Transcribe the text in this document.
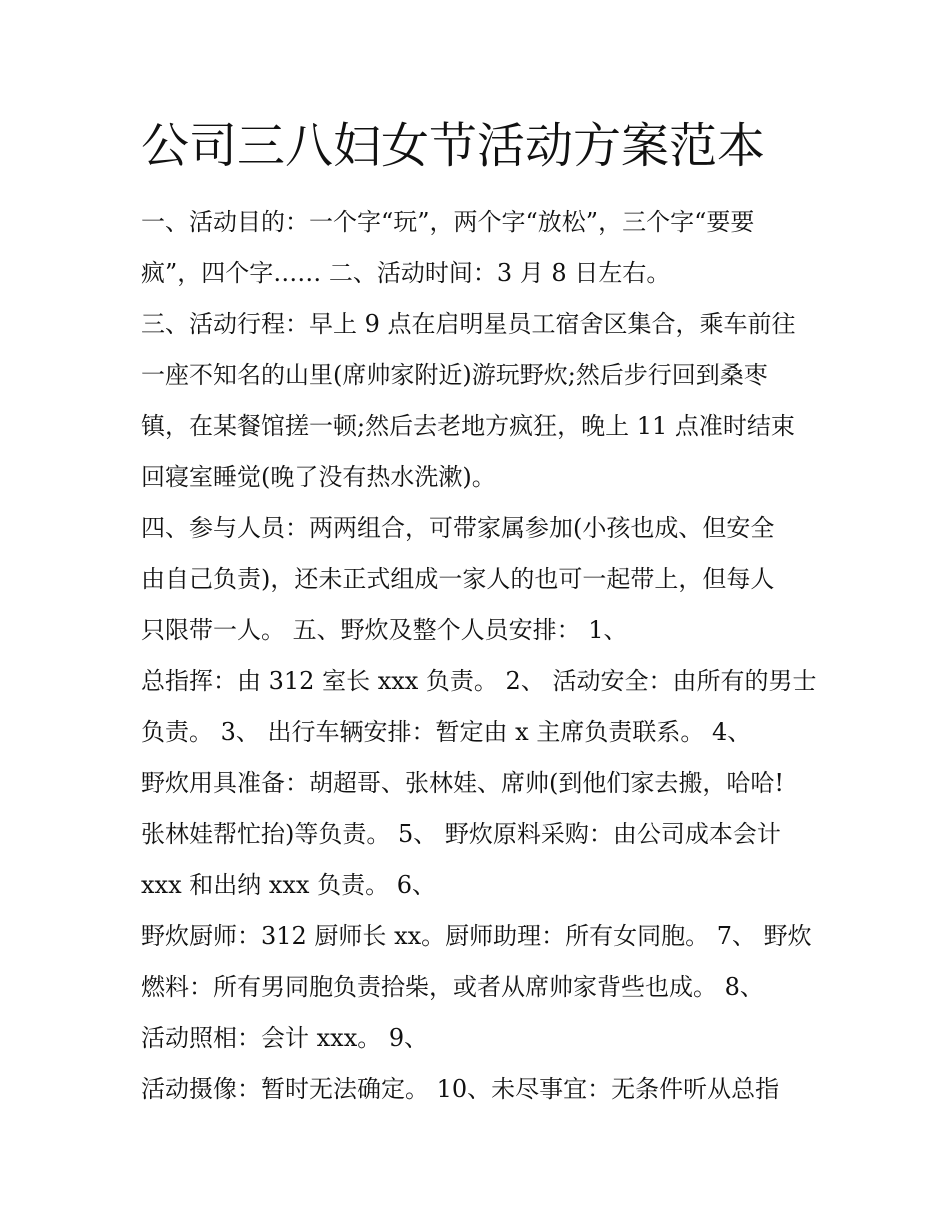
公司三八妇女节活动方案范本

一、活动目的：一个字“玩”，两个字“放松”，三个字“要要

疯”，四个字…… 二、活动时间：3 月 8 日左右。

三、活动行程：早上 9 点在启明星员工宿舍区集合，乘车前往

一座不知名的山里(席帅家附近)游玩野炊;然后步行回到桑枣

镇，在某餐馆搓一顿;然后去老地方疯狂，晚上 11 点准时结束

回寝室睡觉(晚了没有热水洗漱)。

四、参与人员：两两组合，可带家属参加(小孩也成、但安全

由自己负责)，还未正式组成一家人的也可一起带上，但每人

只限带一人。 五、野炊及整个人员安排： 1、

总指挥：由 312 室长 xxx 负责。 2、 活动安全：由所有的男士

负责。 3、 出行车辆安排：暂定由 x 主席负责联系。 4、

野炊用具准备：胡超哥、张林娃、席帅(到他们家去搬，哈哈!

张林娃帮忙抬)等负责。 5、 野炊原料采购：由公司成本会计

xxx 和出纳 xxx 负责。 6、

野炊厨师：312 厨师长 xx。厨师助理：所有女同胞。 7、 野炊

燃料：所有男同胞负责拾柴，或者从席帅家背些也成。 8、

活动照相：会计 xxx。 9、

活动摄像：暂时无法确定。 10、未尽事宜：无条件听从总指
